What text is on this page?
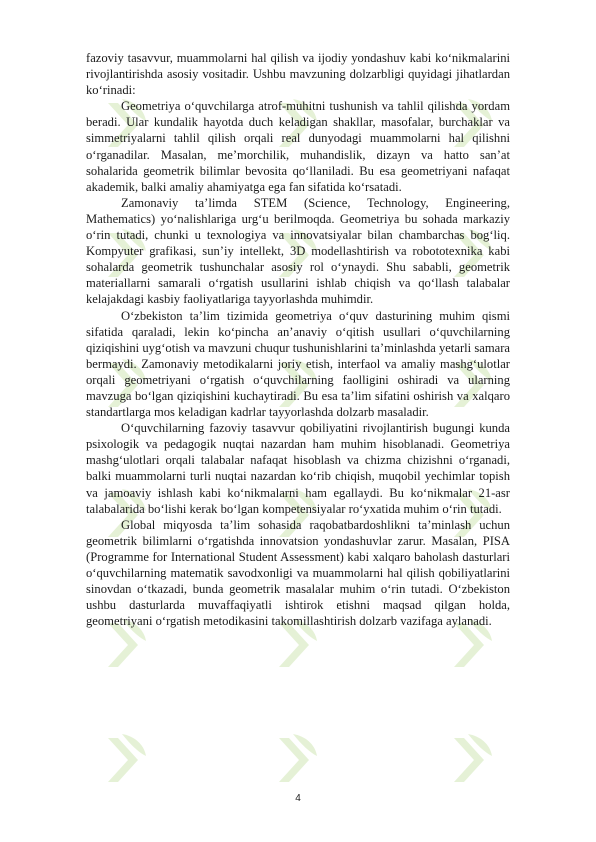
fazoviy tasavvur, muammolarni hal qilish va ijodiy yondashuv kabi ko‘nikmalarini rivojlantirishda asosiy vositadir. Ushbu mavzuning dolzarbligi quyidagi jihatlardan ko‘rinadi:

Geometriya o‘quvchilarga atrof-muhitni tushunish va tahlil qilishda yordam beradi. Ular kundalik hayotda duch keladigan shakllar, masofalar, burchaklar va simmetriyalarni tahlil qilish orqali real dunyodagi muammolarni hal qilishni o‘rganadilar. Masalan, me’morchilik, muhandislik, dizayn va hatto san’at sohalarida geometrik bilimlar bevosita qo‘llaniladi. Bu esa geometriyani nafaqat akademik, balki amaliy ahamiyatga ega fan sifatida ko‘rsatadi.

Zamonaviy ta’limda STEM (Science, Technology, Engineering, Mathematics) yo‘nalishlariga urg‘u berilmoqda. Geometriya bu sohada markaziy o‘rin tutadi, chunki u texnologiya va innovatsiyalar bilan chambarchas bog‘liq. Kompyuter grafikasi, sun’iy intellekt, 3D modellashtirish va robototexnika kabi sohalarda geometrik tushunchalar asosiy rol o‘ynaydi. Shu sababli, geometrik materiallarni samarali o‘rgatish usullarini ishlab chiqish va qo‘llash talabalar kelajakdagi kasbiy faoliyatlariga tayyorlashda muhimdir.

O‘zbekiston ta’lim tizimida geometriya o‘quv dasturining muhim qismi sifatida qaraladi, lekin ko‘pincha an’anaviy o‘qitish usullari o‘quvchilarning qiziqishini uyg‘otish va mavzuni chuqur tushunishlarini ta’minlashda yetarli samara bermaydi. Zamonaviy metodikalarni joriy etish, interfaol va amaliy mashg‘ulotlar orqali geometriyani o‘rgatish o‘quvchilarning faolligini oshiradi va ularning mavzuga bo‘lgan qiziqishini kuchaytiradi. Bu esa ta’lim sifatini oshirish va xalqaro standartlarga mos keladigan kadrlar tayyorlashda dolzarb masaladir.

O‘quvchilarning fazoviy tasavvur qobiliyatini rivojlantirish bugungi kunda psixologik va pedagogik nuqtai nazardan ham muhim hisoblanadi. Geometriya mashg‘ulotlari orqali talabalar nafaqat hisoblash va chizma chizishni o‘rganadi, balki muammolarni turli nuqtai nazardan ko‘rib chiqish, muqobil yechimlar topish va jamoaviy ishlash kabi ko‘nikmalarni ham egallaydi. Bu ko‘nikmalar 21-asr talabalarida bo‘lishi kerak bo‘lgan kompetensiyalar ro‘yxatida muhim o‘rin tutadi.

Global miqyosda ta’lim sohasida raqobatbardoshlikni ta’minlash uchun geometrik bilimlarni o‘rgatishda innovatsion yondashuvlar zarur. Masalan, PISA (Programme for International Student Assessment) kabi xalqaro baholash dasturlari o‘quvchilarning matematik savodxonligi va muammolarni hal qilish qobiliyatlarini sinovdan o‘tkazadi, bunda geometrik masalalar muhim o‘rin tutadi. O‘zbekiston ushbu dasturlarda muvaffaqiyatli ishtirok etishni maqsad qilgan holda, geometriyani o‘rgatish metodikasini takomillashtirish dolzarb vazifaga aylanadi.

4
